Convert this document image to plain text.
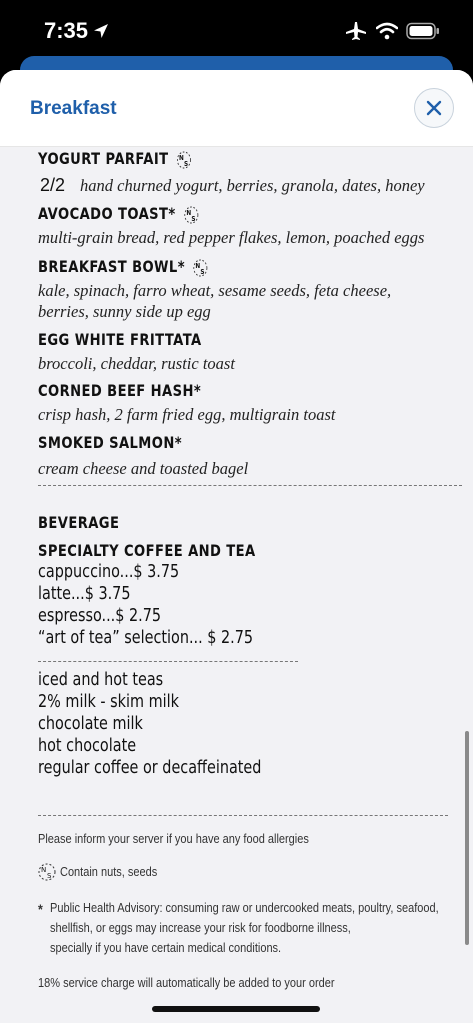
7:35
Breakfast
YOGURT PARFAIT N
S
2/2 hand churned yogurt, berries, granola, dates, honey
AVOCADO TOAST* N
S
multi-grain bread, red pepper flakes, lemon, poached eggs
BREAKFAST BOWL* N
S
kale, spinach, farro wheat, sesame seeds, feta cheese,
berries, sunny side up egg
EGG WHITE FRITTATA
broccoli, cheddar, rustic toast
CORNED BEEF HASH*
crisp hash, 2 farm fried egg, multigrain toast
SMOKED SALMON*
cream cheese and toasted bagel
BEVERAGE
SPECIALTY COFFEE AND TEA
cappuccino...$ 3.75
latte...$ 3.75
espresso...$ 2.75
“art of tea” selection... $ 2.75
iced and hot teas
2% milk - skim milk
chocolate milk
hot chocolate
regular coffee or decaffeinated
Please inform your server if you have any food allergies
N
S Contain nuts, seeds
* Public Health Advisory: consuming raw or undercooked meats, poultry, seafood,
shellfish, or eggs may increase your risk for foodborne illness,
specially if you have certain medical conditions.
18% service charge will automatically be added to your order
